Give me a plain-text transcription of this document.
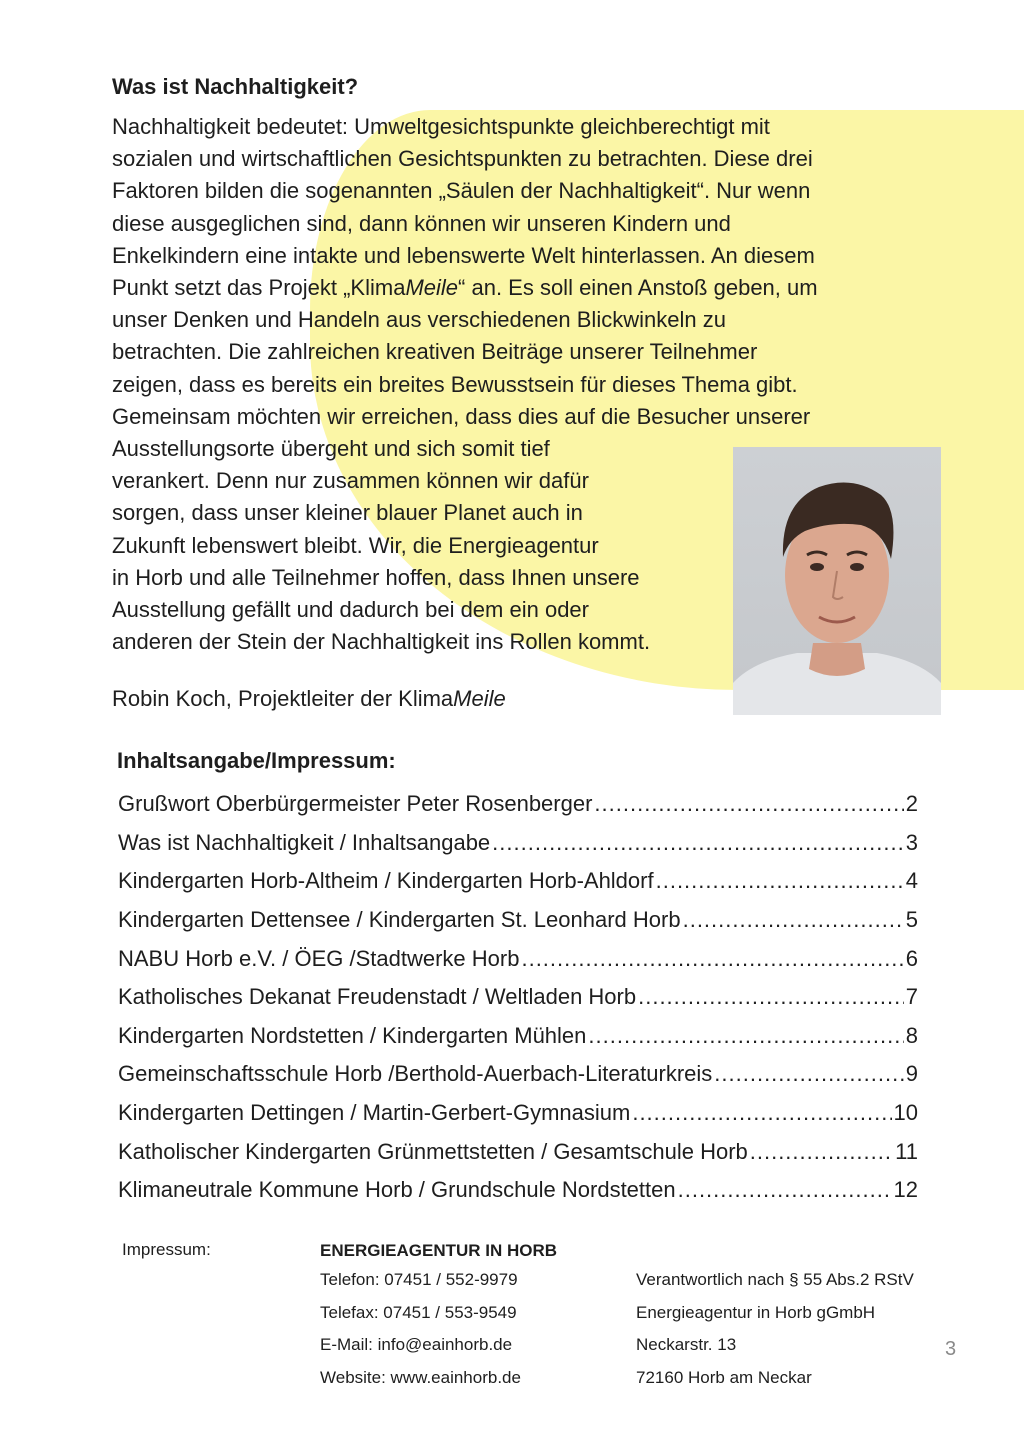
Was ist Nachhaltigkeit?

Nachhaltigkeit bedeutet: Umweltgesichtspunkte gleichberechtigt mit
sozialen und wirtschaftlichen Gesichtspunkten zu betrachten. Diese drei
Faktoren bilden die sogenannten „Säulen der Nachhaltigkeit“. Nur wenn
diese ausgeglichen sind, dann können wir unseren Kindern und
Enkelkindern eine intakte und lebenswerte Welt hinterlassen. An diesem
Punkt setzt das Projekt „KlimaMeile“ an. Es soll einen Anstoß geben, um
unser Denken und Handeln aus verschiedenen Blickwinkeln zu
betrachten. Die zahlreichen kreativen Beiträge unserer Teilnehmer
zeigen, dass es bereits ein breites Bewusstsein für dieses Thema gibt.
Gemeinsam möchten wir erreichen, dass dies auf die Besucher unserer
Ausstellungsorte übergeht und sich somit tief
verankert. Denn nur zusammen können wir dafür
sorgen, dass unser kleiner blauer Planet auch in
Zukunft lebenswert bleibt. Wir, die Energieagentur
in Horb und alle Teilnehmer hoffen, dass Ihnen unsere
Ausstellung gefällt und dadurch bei dem ein oder
anderen der Stein der Nachhaltigkeit ins Rollen kommt.

Robin Koch, Projektleiter der KlimaMeile

Inhaltsangabe/Impressum:
Grußwort Oberbürgermeister Peter Rosenberger .....	2
Was ist Nachhaltigkeit / Inhaltsangabe .....	3
Kindergarten Horb-Altheim / Kindergarten Horb-Ahldorf .....	4
Kindergarten Dettensee / Kindergarten St. Leonhard Horb .....	5
NABU Horb e.V. / ÖEG /Stadtwerke Horb .....	6
Katholisches Dekanat Freudenstadt / Weltladen Horb .....	7
Kindergarten Nordstetten / Kindergarten Mühlen .....	8
Gemeinschaftsschule Horb /Berthold-Auerbach-Literaturkreis .....	9
Kindergarten Dettingen / Martin-Gerbert-Gymnasium .....	10
Katholischer Kindergarten Grünmettstetten / Gesamtschule Horb .....	11
Klimaneutrale Kommune Horb / Grundschule Nordstetten .....	12

Impressum:	ENERGIEAGENTUR IN HORB
Telefon: 07451 / 552-9979
Telefax: 07451 / 553-9549
E-Mail: info@eainhorb.de
Website: www.eainhorb.de
Verantwortlich nach § 55 Abs.2 RStV
Energieagentur in Horb gGmbH
Neckarstr. 13
72160 Horb am Neckar

3
